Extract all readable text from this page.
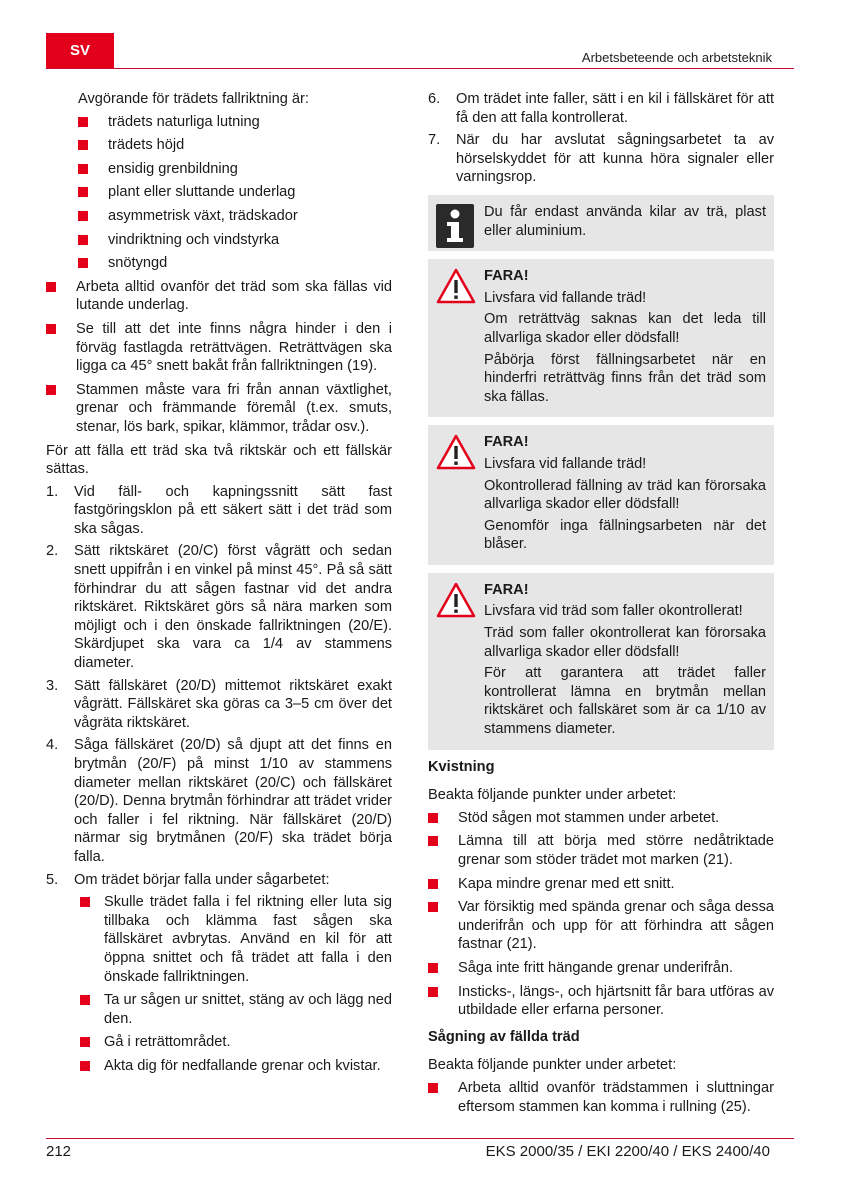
SV	Arbetsbeteende och arbetsteknik

Avgörande för trädets fallriktning är:

trädets naturliga lutning
trädets höjd
ensidig grenbildning
plant eller sluttande underlag
asymmetrisk växt, trädskador
vindriktning och vindstyrka
snötyngd
Arbeta alltid ovanför det träd som ska fällas vid lutande underlag.
Se till att det inte finns några hinder i den i förväg fastlagda reträttvägen. Reträttvägen ska ligga ca 45° snett bakåt från fallriktningen (19).
Stammen måste vara fri från annan växtlighet, grenar och främmande föremål (t.ex. smuts, stenar, lös bark, spikar, klämmor, trådar osv.).

För att fälla ett träd ska två riktskär och ett fällskär sättas.

1. Vid fäll- och kapningssnitt sätt fast fastgöringsklon på ett säkert sätt i det träd som ska sågas.
2. Sätt riktskäret (20/C) först vågrätt och sedan snett uppifrån i en vinkel på minst 45°. På så sätt förhindrar du att sågen fastnar vid det andra riktskäret. Riktskäret görs så nära marken som möjligt och i den önskade fallriktningen (20/E). Skärdjupet ska vara ca 1/4 av stammens diameter.
3. Sätt fällskäret (20/D) mittemot riktskäret exakt vågrätt. Fällskäret ska göras ca 3–5 cm över det vågräta riktskäret.
4. Såga fällskäret (20/D) så djupt att det finns en brytmån (20/F) på minst 1/10 av stammens diameter mellan riktskäret (20/C) och fällskäret (20/D). Denna brytmån förhindrar att trädet vrider och faller i fel riktning. När fällskäret (20/D) närmar sig brytmånen (20/F) ska trädet börja falla.
5. Om trädet börjar falla under sågarbetet:
Skulle trädet falla i fel riktning eller luta sig tillbaka och klämma fast sågen ska fällskäret avbrytas. Använd en kil för att öppna snittet och få trädet att falla i den önskade fallriktningen.
Ta ur sågen ur snittet, stäng av och lägg ned den.
Gå i reträttområdet.
Akta dig för nedfallande grenar och kvistar.
6. Om trädet inte faller, sätt i en kil i fällskäret för att få den att falla kontrollerat.
7. När du har avslutat sågningsarbetet ta av hörselskyddet för att kunna höra signaler eller varningsrop.

Du får endast använda kilar av trä, plast eller aluminium.

FARA!

Livsfara vid fallande träd!

Om reträttväg saknas kan det leda till allvarliga skador eller dödsfall!

Påbörja först fällningsarbetet när en hinderfri reträttväg finns från det träd som ska fällas.

FARA!

Livsfara vid fallande träd!

Okontrollerad fällning av träd kan förorsaka allvarliga skador eller dödsfall!

Genomför inga fällningsarbeten när det blåser.

FARA!

Livsfara vid träd som faller okontrollerat!

Träd som faller okontrollerat kan förorsaka allvarliga skador eller dödsfall!

För att garantera att trädet faller kontrollerat lämna en brytmån mellan riktskäret och fallskäret som är ca 1/10 av stammens diameter.

Kvistning

Beakta följande punkter under arbetet:

Stöd sågen mot stammen under arbetet.
Lämna till att börja med större nedåtriktade grenar som stöder trädet mot marken (21).
Kapa mindre grenar med ett snitt.
Var försiktig med spända grenar och såga dessa underifrån och upp för att förhindra att sågen fastnar (21).
Såga inte fritt hängande grenar underifrån.
Insticks-, längs-, och hjärtsnitt får bara utföras av utbildade eller erfarna personer.
Sågning av fällda träd

Beakta följande punkter under arbetet:

Arbeta alltid ovanför trädstammen i sluttningar eftersom stammen kan komma i rullning (25).
212	EKS 2000/35 / EKI 2200/40 / EKS 2400/40
